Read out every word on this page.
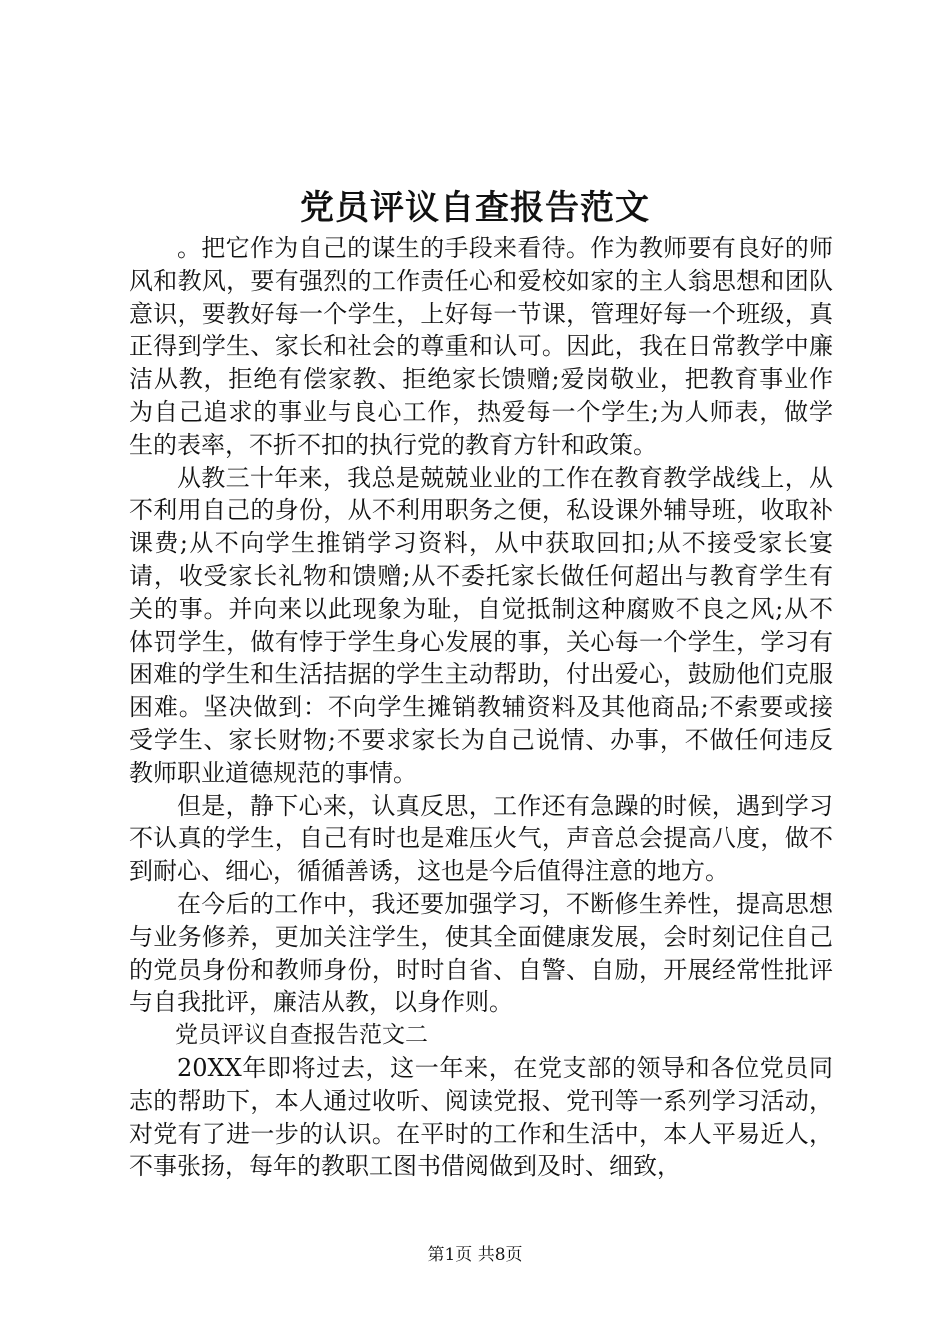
党员评议自查报告范文

。把它作为自己的谋生的手段来看待。作为教师要有良好的师风和教风，要有强烈的工作责任心和爱校如家的主人翁思想和团队意识，要教好每一个学生，上好每一节课，管理好每一个班级，真正得到学生、家长和社会的尊重和认可。因此，我在日常教学中廉洁从教，拒绝有偿家教、拒绝家长馈赠;爱岗敬业，把教育事业作为自己追求的事业与良心工作，热爱每一个学生;为人师表，做学生的表率，不折不扣的执行党的教育方针和政策。

从教三十年来，我总是兢兢业业的工作在教育教学战线上，从不利用自己的身份，从不利用职务之便，私设课外辅导班，收取补课费;从不向学生推销学习资料，从中获取回扣;从不接受家长宴请，收受家长礼物和馈赠;从不委托家长做任何超出与教育学生有关的事。并向来以此现象为耻，自觉抵制这种腐败不良之风;从不体罚学生，做有悖于学生身心发展的事，关心每一个学生，学习有困难的学生和生活拮据的学生主动帮助，付出爱心，鼓励他们克服困难。坚决做到：不向学生摊销教辅资料及其他商品;不索要或接受学生、家长财物;不要求家长为自己说情、办事，不做任何违反教师职业道德规范的事情。

但是，静下心来，认真反思，工作还有急躁的时候，遇到学习不认真的学生，自己有时也是难压火气，声音总会提高八度，做不到耐心、细心，循循善诱，这也是今后值得注意的地方。

在今后的工作中，我还要加强学习，不断修生养性，提高思想与业务修养，更加关注学生，使其全面健康发展，会时刻记住自己的党员身份和教师身份，时时自省、自警、自励，开展经常性批评与自我批评，廉洁从教，以身作则。

党员评议自查报告范文二

20XX年即将过去，这一年来，在党支部的领导和各位党员同志的帮助下，本人通过收听、阅读党报、党刊等一系列学习活动，对党有了进一步的认识。在平时的工作和生活中，本人平易近人，不事张扬，每年的教职工图书借阅做到及时、细致，

第1页 共8页
